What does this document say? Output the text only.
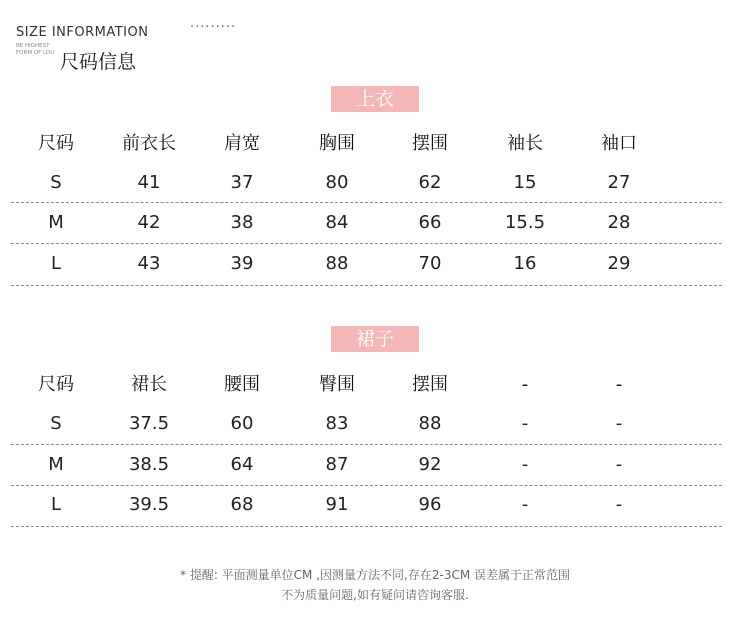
SIZE INFORMATION	·········
BE HIGHEST
FORM OF LOU 尺码信息
上衣
尺码	前衣长	肩宽	胸围	摆围	袖长	袖口
S	41	37	80	62	15	27
M	42	38	84	66	15.5	28
L	43	39	88	70	16	29
裙子
尺码	裙长	腰围	臀围	摆围	-	-
S	37.5	60	83	88	-	-
M	38.5	64	87	92	-	-
L	39.5	68	91	96	-	-
* 提醒: 平面测量单位CM ,因测量方法不同,存在2-3CM 误差属于正常范围
不为质量问题,如有疑问请咨询客服.
